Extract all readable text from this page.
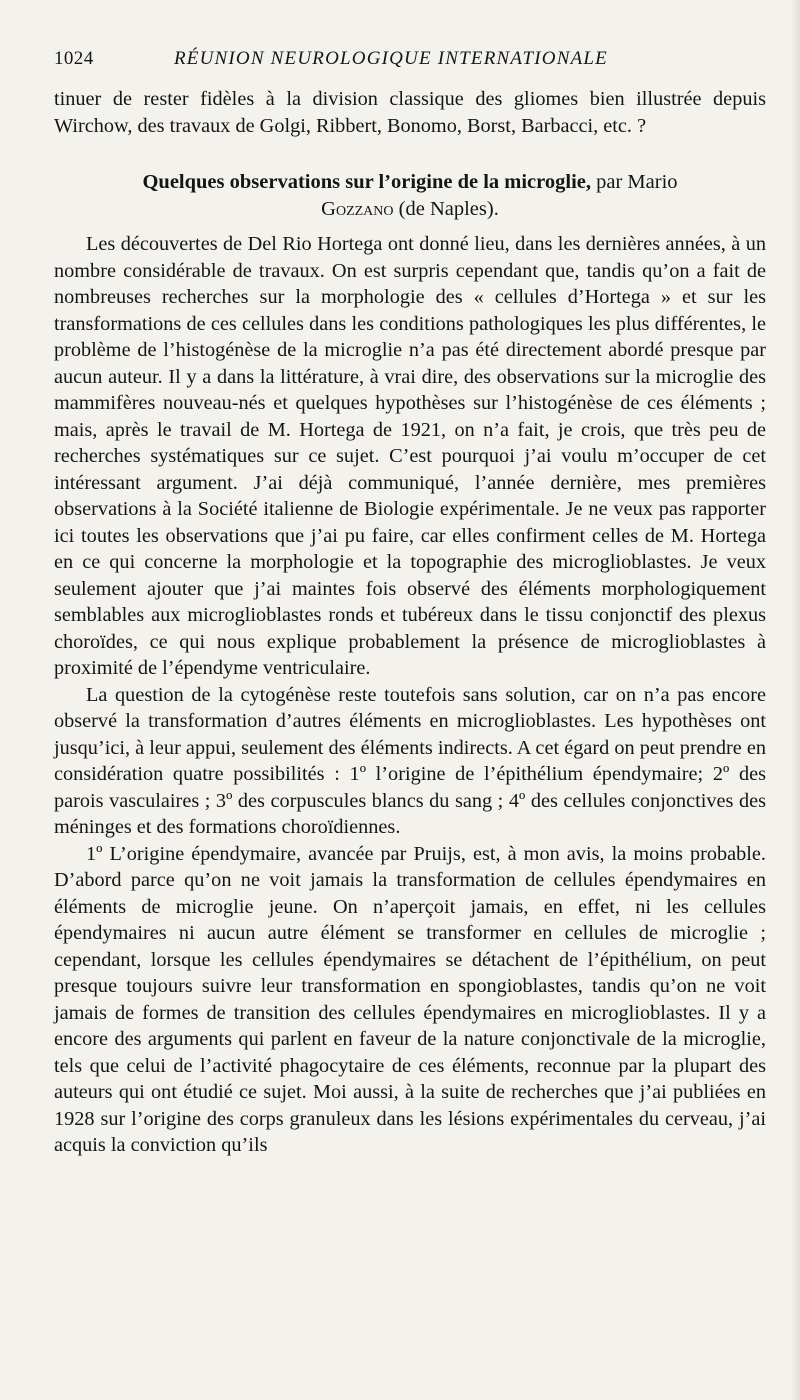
1024	RÉUNION NEUROLOGIQUE INTERNATIONALE

tinuer de rester fidèles à la division classique des gliomes bien illustrée depuis Wirchow, des travaux de Golgi, Ribbert, Bonomo, Borst, Barbacci, etc. ?

Quelques observations sur l’origine de la microglie, par Mario
Gozzano (de Naples).

Les découvertes de Del Rio Hortega ont donné lieu, dans les dernières années, à un nombre considérable de travaux. On est surpris cependant que, tandis qu’on a fait de nombreuses recherches sur la morphologie des « cellules d’Hortega » et sur les transformations de ces cellules dans les conditions pathologiques les plus différentes, le problème de l’histogénèse de la microglie n’a pas été directement abordé presque par aucun auteur. Il y a dans la littérature, à vrai dire, des observations sur la microglie des mammifères nouveau-nés et quelques hypothèses sur l’histogénèse de ces éléments ; mais, après le travail de M. Hortega de 1921, on n’a fait, je crois, que très peu de recherches systématiques sur ce sujet. C’est pourquoi j’ai voulu m’occuper de cet intéressant argument. J’ai déjà communiqué, l’année dernière, mes premières observations à la Société italienne de Biologie expérimentale. Je ne veux pas rapporter ici toutes les observations que j’ai pu faire, car elles confirment celles de M. Hortega en ce qui concerne la morphologie et la topographie des microglioblastes. Je veux seulement ajouter que j’ai maintes fois observé des éléments morphologiquement semblables aux microglioblastes ronds et tubéreux dans le tissu conjonctif des plexus choroïdes, ce qui nous explique probablement la présence de microglioblastes à proximité de l’épendyme ventriculaire.

La question de la cytogénèse reste toutefois sans solution, car on n’a pas encore observé la transformation d’autres éléments en microglioblastes. Les hypothèses ont jusqu’ici, à leur appui, seulement des éléments indirects. A cet égard on peut prendre en considération quatre possibilités : 1º l’origine de l’épithélium épendymaire; 2º des parois vasculaires ; 3º des corpuscules blancs du sang ; 4º des cellules conjonctives des méninges et des formations choroïdiennes.

1º L’origine épendymaire, avancée par Pruijs, est, à mon avis, la moins probable. D’abord parce qu’on ne voit jamais la transformation de cellules épendymaires en éléments de microglie jeune. On n’aperçoit jamais, en effet, ni les cellules épendymaires ni aucun autre élément se transformer en cellules de microglie ; cependant, lorsque les cellules épendymaires se détachent de l’épithélium, on peut presque toujours suivre leur transformation en spongioblastes, tandis qu’on ne voit jamais de formes de transition des cellules épendymaires en microglioblastes. Il y a encore des arguments qui parlent en faveur de la nature conjonctivale de la microglie, tels que celui de l’activité phagocytaire de ces éléments, reconnue par la plupart des auteurs qui ont étudié ce sujet. Moi aussi, à la suite de recherches que j’ai publiées en 1928 sur l’origine des corps granuleux dans les lésions expérimentales du cerveau, j’ai acquis la conviction qu’ils
